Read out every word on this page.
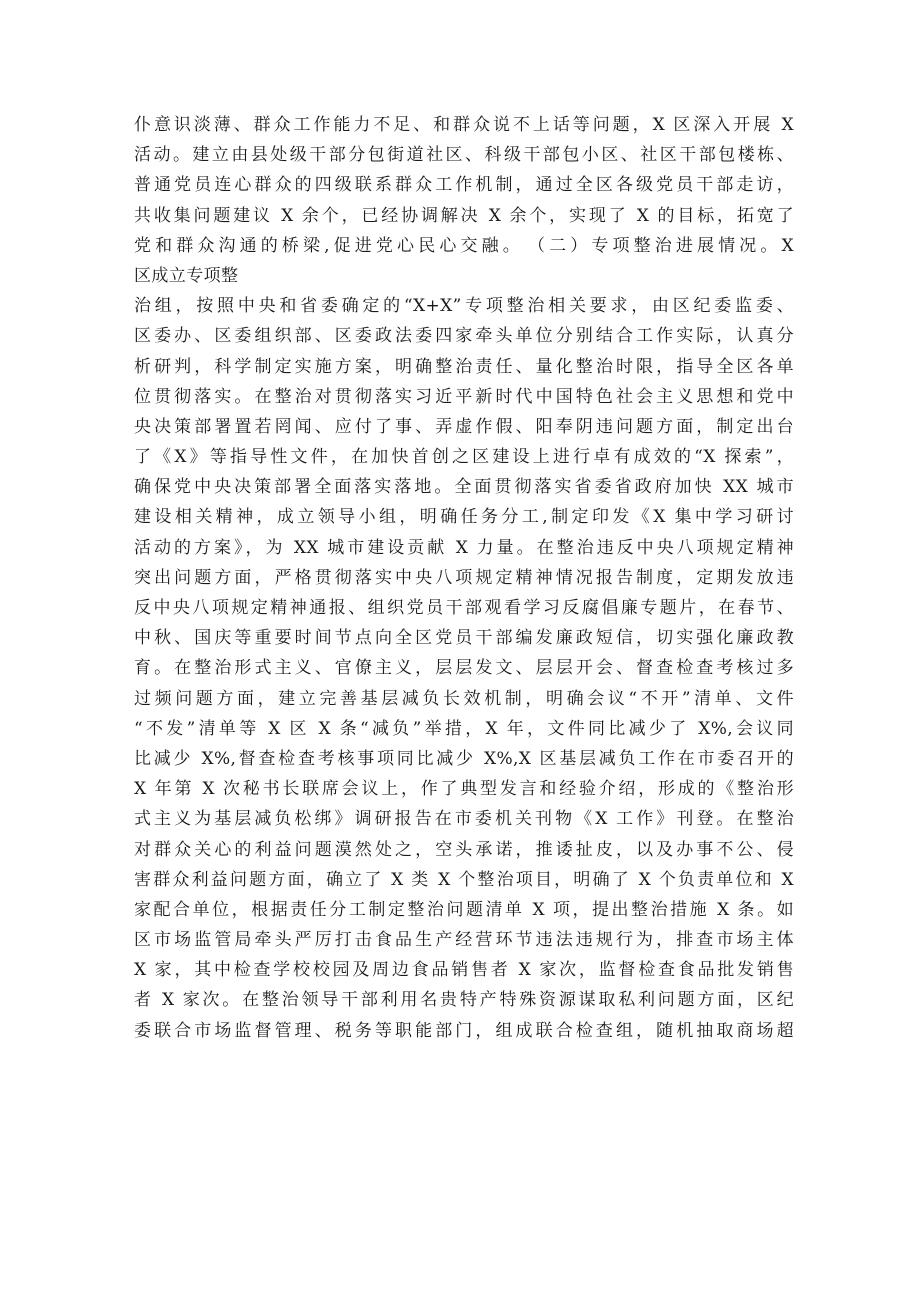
仆意识淡薄、群众工作能力不足、和群众说不上话等问题，X 区深入开展 X
活动。建立由县处级干部分包街道社区、科级干部包小区、社区干部包楼栋、
普通党员连心群众的四级联系群众工作机制，通过全区各级党员干部走访，
共收集问题建议 X 余个，已经协调解决 X 余个，实现了 X 的目标，拓宽了
党和群众沟通的桥梁,促进党心民心交融。　（二）专项整治进展情况。X
区成立专项整
治组，按照中央和省委确定的“X+X”专项整治相关要求，由区纪委监委、
区委办、区委组织部、区委政法委四家牵头单位分别结合工作实际，认真分
析研判，科学制定实施方案，明确整治责任、量化整治时限，指导全区各单
位贯彻落实。在整治对贯彻落实习近平新时代中国特色社会主义思想和党中
央决策部署置若罔闻、应付了事、弄虚作假、阳奉阴违问题方面，制定出台
了《X》等指导性文件，在加快首创之区建设上进行卓有成效的“X 探索”，
确保党中央决策部署全面落实落地。全面贯彻落实省委省政府加快 XX 城市
建设相关精神，成立领导小组，明确任务分工,制定印发《X 集中学习研讨
活动的方案》，为 XX 城市建设贡献 X 力量。在整治违反中央八项规定精神
突出问题方面，严格贯彻落实中央八项规定精神情况报告制度，定期发放违
反中央八项规定精神通报、组织党员干部观看学习反腐倡廉专题片，在春节、
中秋、国庆等重要时间节点向全区党员干部编发廉政短信，切实强化廉政教
育。在整治形式主义、官僚主义，层层发文、层层开会、督查检查考核过多
过频问题方面，建立完善基层减负长效机制，明确会议“不开”清单、文件
“不发”清单等 X 区 X 条“减负”举措，X 年，文件同比减少了 X%,会议同
比减少 X%,督查检查考核事项同比减少 X%,X 区基层减负工作在市委召开的
X 年第 X 次秘书长联席会议上，作了典型发言和经验介绍，形成的《整治形
式主义为基层减负松绑》调研报告在市委机关刊物《X 工作》刊登。在整治
对群众关心的利益问题漠然处之，空头承诺，推诿扯皮，以及办事不公、侵
害群众利益问题方面，确立了 X 类 X 个整治项目，明确了 X 个负责单位和 X
家配合单位，根据责任分工制定整治问题清单 X 项，提出整治措施 X 条。如
区市场监管局牵头严厉打击食品生产经营环节违法违规行为，排查市场主体
X 家，其中检查学校校园及周边食品销售者 X 家次，监督检查食品批发销售
者 X 家次。在整治领导干部利用名贵特产特殊资源谋取私利问题方面，区纪
委联合市场监督管理、税务等职能部门，组成联合检查组，随机抽取商场超
